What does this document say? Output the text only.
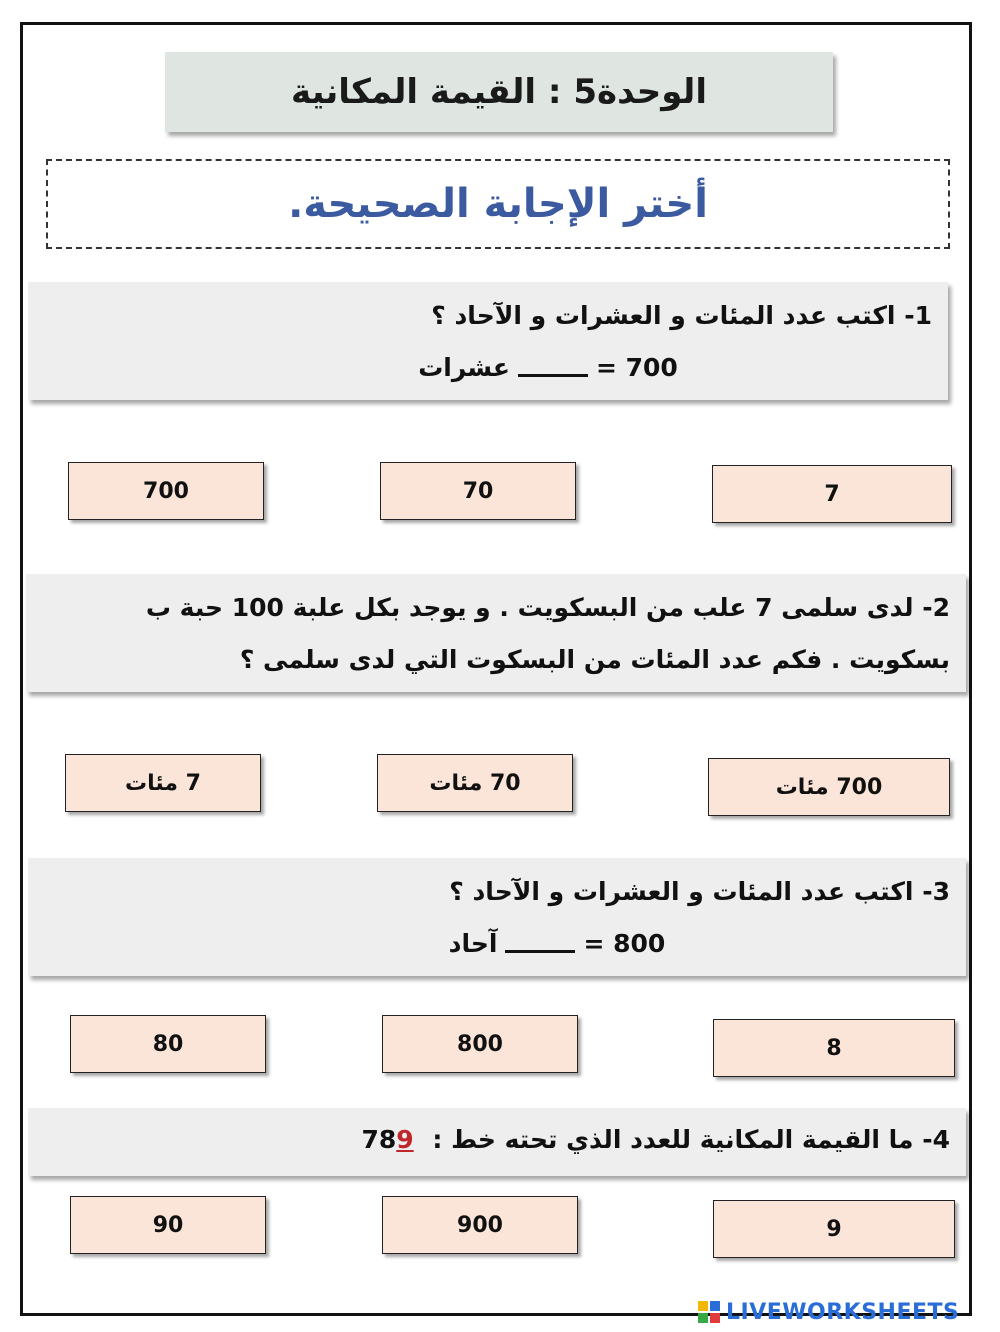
الوحدة5 : القيمة المكانية
أختر الإجابة الصحيحة.
1- اكتب عدد المئات و العشرات و الآحاد ؟
700 =عشرات
7
70
700
2- لدى سلمى 7 علب من البسكويت . و يوجد بكل علبة 100 حبة ب
بسكويت . فكم عدد المئات من البسكوت التي لدى سلمى ؟
700 مئات
70 مئات
7 مئات
3- اكتب عدد المئات و العشرات و الآحاد ؟
800 =آحاد
8
800
80
4- ما القيمة المكانية للعدد الذي تحته خط : 789
9
900
90
LIVEWORKSHEETS
